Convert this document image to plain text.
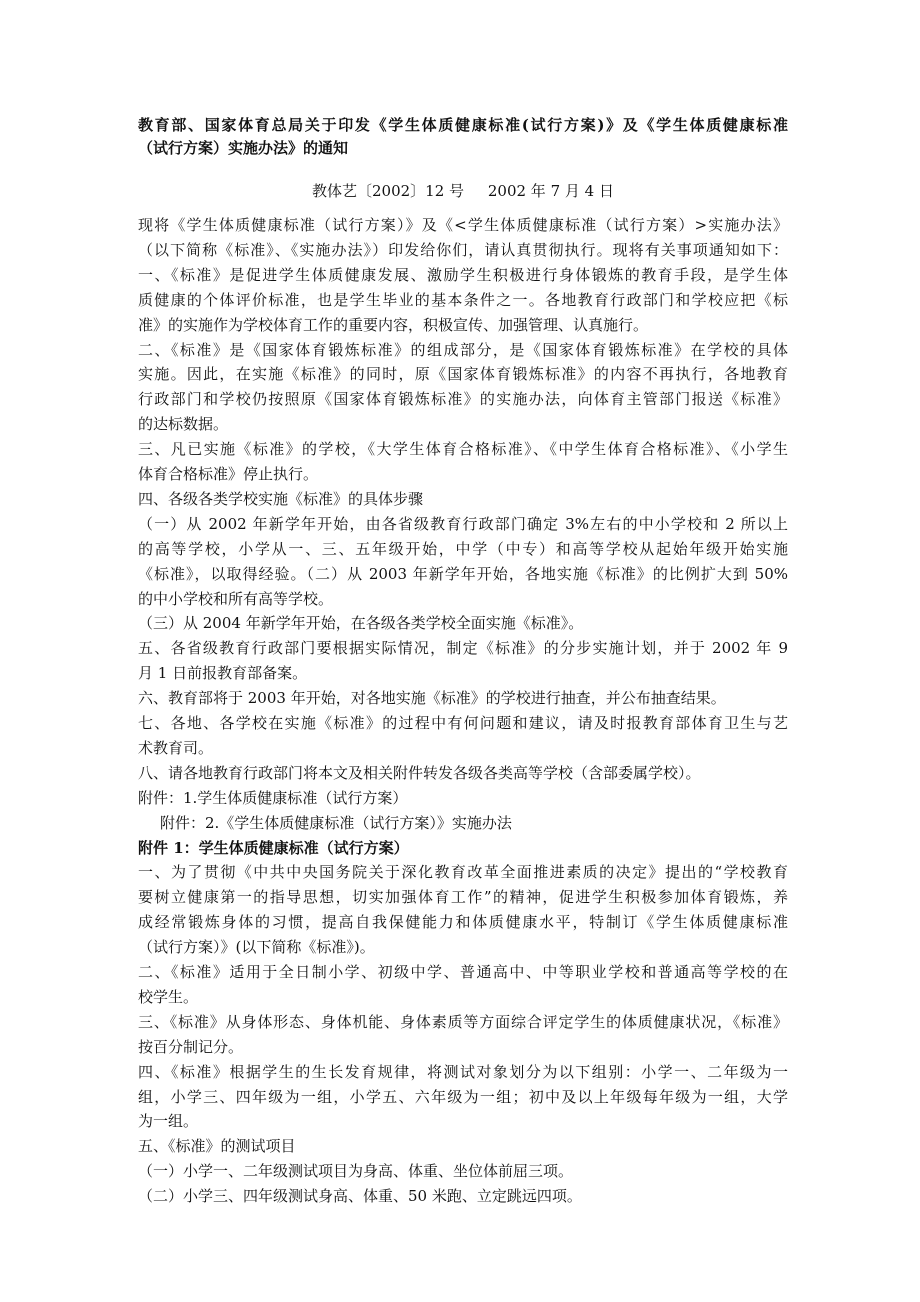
教育部、国家体育总局关于印发《学生体质健康标准(试行方案)》及《学生体质健康标准
（试行方案）实施办法》的通知
教体艺〔2002〕12 号     2002 年 7 月 4 日
现将《学生体质健康标准（试行方案）》及《<学生体质健康标准（试行方案）>实施办法》
（以下简称《标准》、《实施办法》）印发给你们，请认真贯彻执行。现将有关事项通知如下：
一、《标准》是促进学生体质健康发展、激励学生积极进行身体锻炼的教育手段，是学生体
质健康的个体评价标准，也是学生毕业的基本条件之一。各地教育行政部门和学校应把《标
准》的实施作为学校体育工作的重要内容，积极宣传、加强管理、认真施行。
二、《标准》是《国家体育锻炼标准》的组成部分，是《国家体育锻炼标准》在学校的具体
实施。因此，在实施《标准》的同时，原《国家体育锻炼标准》的内容不再执行，各地教育
行政部门和学校仍按照原《国家体育锻炼标准》的实施办法，向体育主管部门报送《标准》
的达标数据。
三、凡已实施《标准》的学校，《大学生体育合格标准》、《中学生体育合格标准》、《小学生
体育合格标准》停止执行。
四、各级各类学校实施《标准》的具体步骤
（一）从 2002 年新学年开始，由各省级教育行政部门确定 3%左右的中小学校和 2 所以上
的高等学校，小学从一、三、五年级开始，中学（中专）和高等学校从起始年级开始实施
《标准》，以取得经验。（二）从 2003 年新学年开始，各地实施《标准》的比例扩大到 50%
的中小学校和所有高等学校。
（三）从 2004 年新学年开始，在各级各类学校全面实施《标准》。
五、各省级教育行政部门要根据实际情况，制定《标准》的分步实施计划，并于 2002 年 9
月 1 日前报教育部备案。
六、教育部将于 2003 年开始，对各地实施《标准》的学校进行抽查，并公布抽查结果。
七、各地、各学校在实施《标准》的过程中有何问题和建议，请及时报教育部体育卫生与艺
术教育司。
八、请各地教育行政部门将本文及相关附件转发各级各类高等学校（含部委属学校）。
附件：1.学生体质健康标准（试行方案）
附件：2.《学生体质健康标准（试行方案）》实施办法
附件 1：学生体质健康标准（试行方案）
一、为了贯彻《中共中央国务院关于深化教育改革全面推进素质的决定》提出的“学校教育
要树立健康第一的指导思想，切实加强体育工作”的精神，促进学生积极参加体育锻炼，养
成经常锻炼身体的习惯，提高自我保健能力和体质健康水平，特制订《学生体质健康标准
（试行方案）》(以下简称《标准》)。
二、《标准》适用于全日制小学、初级中学、普通高中、中等职业学校和普通高等学校的在
校学生。
三、《标准》从身体形态、身体机能、身体素质等方面综合评定学生的体质健康状况，《标准》
按百分制记分。
四、《标准》根据学生的生长发育规律，将测试对象划分为以下组别：小学一、二年级为一
组，小学三、四年级为一组，小学五、六年级为一组；初中及以上年级每年级为一组，大学
为一组。
五、《标准》的测试项目
（一）小学一、二年级测试项目为身高、体重、坐位体前屈三项。
（二）小学三、四年级测试身高、体重、50 米跑、立定跳远四项。
